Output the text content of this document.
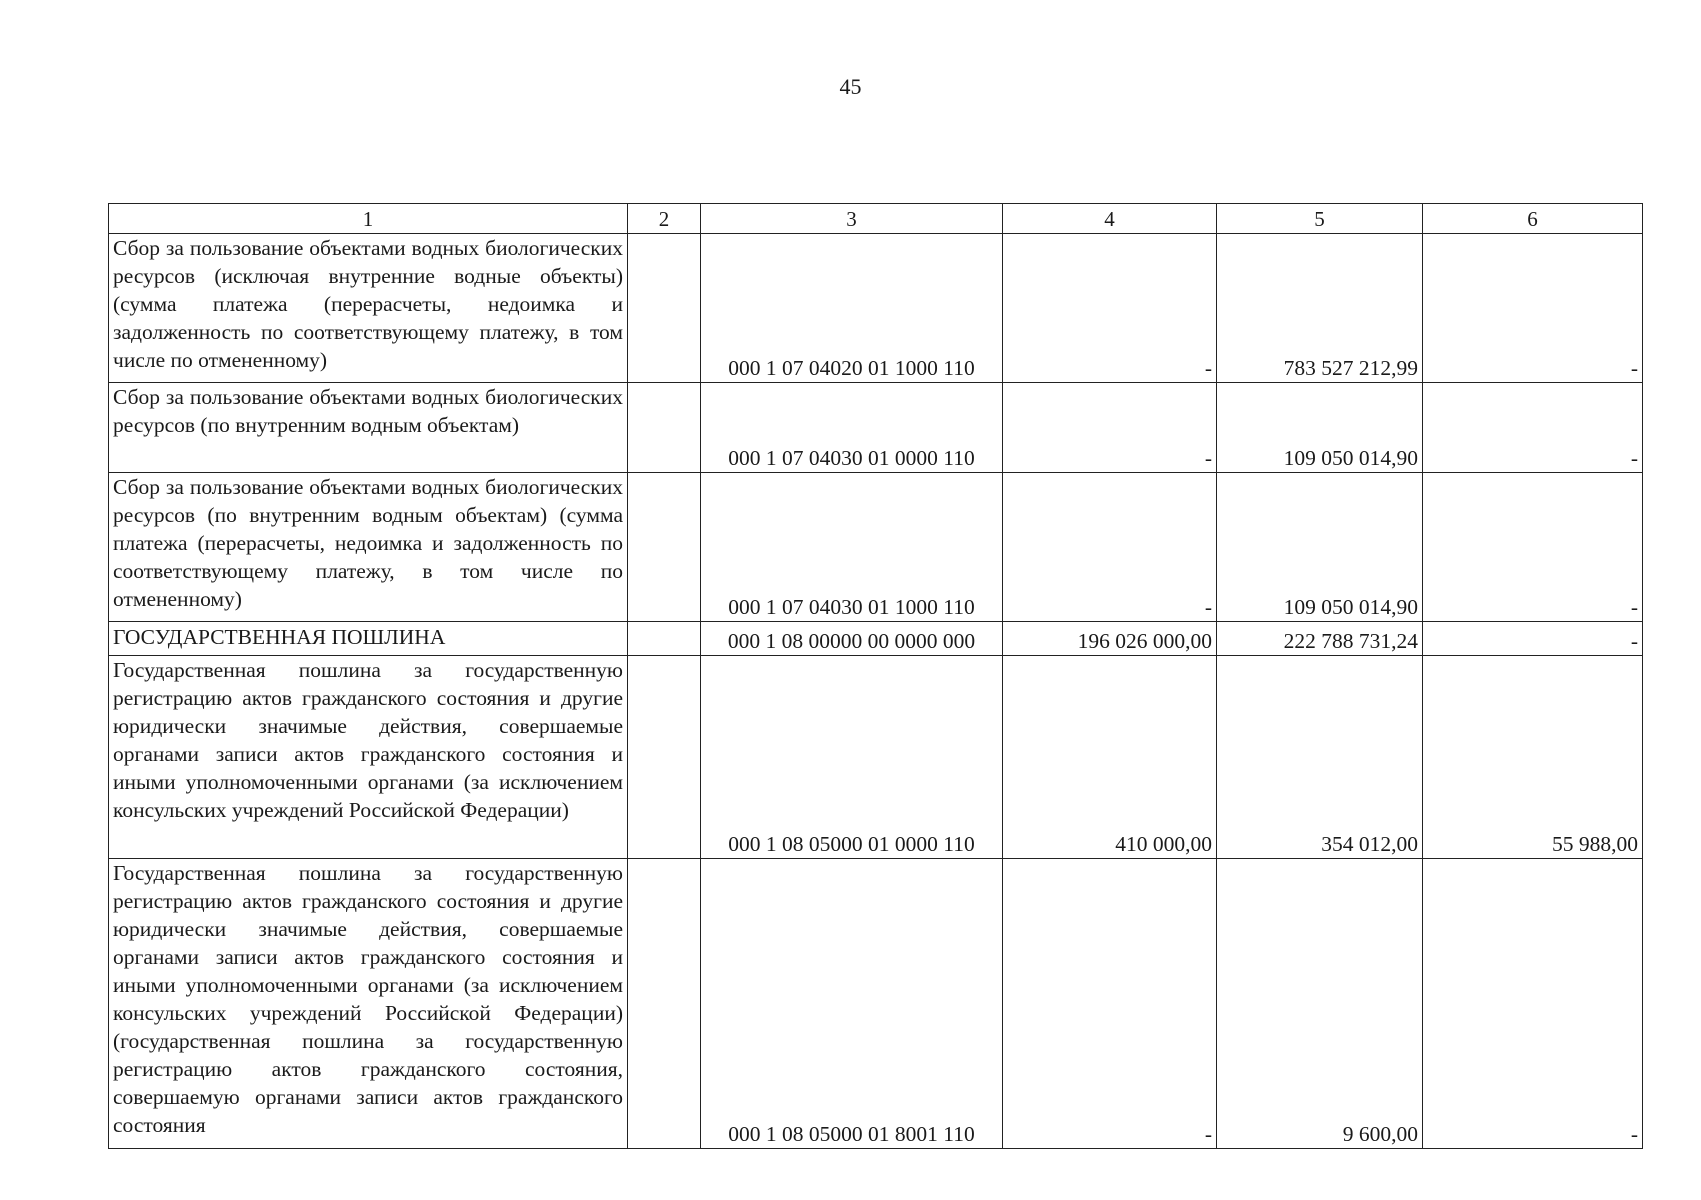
45
1	2	3	4	5	6
Сбор за пользование объектами водных биологических ресурсов (исключая внутренние водные объекты) (сумма платежа (перерасчеты, недоимка и задолженность по соответствующему платежу, в том числе по отмененному)		000 1 07 04020 01 1000 110	-	783 527 212,99	-
Сбор за пользование объектами водных биологических ресурсов (по внутренним водным объектам)		000 1 07 04030 01 0000 110	-	109 050 014,90	-
Сбор за пользование объектами водных биологических ресурсов (по внутренним водным объектам) (сумма платежа (перерасчеты, недоимка и задолженность по соответствующему платежу, в том числе по отмененному)		000 1 07 04030 01 1000 110	-	109 050 014,90	-
ГОСУДАРСТВЕННАЯ ПОШЛИНА		000 1 08 00000 00 0000 000	196 026 000,00	222 788 731,24	-
Государственная пошлина за государственную регистрацию актов гражданского состояния и другие юридически значимые действия, совершаемые органами записи актов гражданского состояния и иными уполномоченными органами (за исключением консульских учреждений Российской Федерации)		000 1 08 05000 01 0000 110	410 000,00	354 012,00	55 988,00
Государственная пошлина за государственную регистрацию актов гражданского состояния и другие юридически значимые действия, совершаемые органами записи актов гражданского состояния и иными уполномоченными органами (за исключением консульских учреждений Российской Федерации) (государственная пошлина за государственную регистрацию актов гражданского состояния, совершаемую органами записи актов гражданского состояния		000 1 08 05000 01 8001 110	-	9 600,00	-
